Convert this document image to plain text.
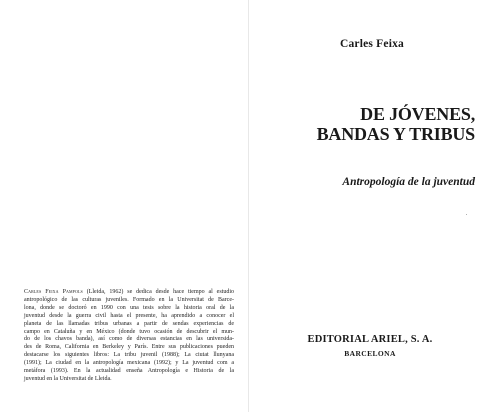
Carles Feixa Pampols (Lleida, 1962) se dedica desde hace tiempo al estudio
antropológico de las culturas juveniles. Formado en la Universitat de Barce-
lona, donde se doctoró en 1990 con una tesis sobre la historia oral de la
juventud desde la guerra civil hasta el presente, ha aprendido a conocer el
planeta de las llamadas tribus urbanas a partir de sendas experiencias de
campo en Cataluña y en México (donde tuvo ocasión de descubrir el mun-
do de los chavos banda), así como de diversas estancias en las universida-
des de Roma, California en Berkeley y París. Entre sus publicaciones pueden
destacarse los siguientes libros: La tribu juvenil (1988); La ciutat llunyana
(1991); La ciudad en la antropología mexicana (1992); y La juventud com a
metáfora (1993). En la actualidad enseña Antropología e Historia de la
juventud en la Universitat de Lleida.
Carles Feixa
DE JÓVENES,
BANDAS Y TRIBUS
Antropología de la juventud
EDITORIAL ARIEL, S. A.
BARCELONA
